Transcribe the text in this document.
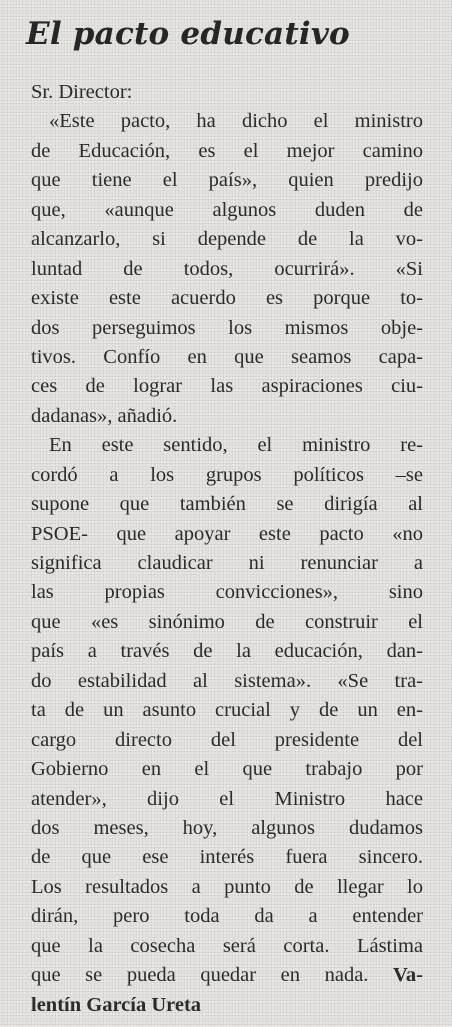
El pacto educativo
Sr. Director:
«Este pacto, ha dicho el ministro
de Educación, es el mejor camino
que tiene el país», quien predijo
que, «aunque algunos duden de
alcanzarlo, si depende de la vo-
luntad de todos, ocurrirá». «Si
existe este acuerdo es porque to-
dos perseguimos los mismos obje-
tivos. Confío en que seamos capa-
ces de lograr las aspiraciones ciu-
dadanas», añadió.
En este sentido, el ministro re-
cordó a los grupos políticos –se
supone que también se dirigía al
PSOE- que apoyar este pacto «no
significa claudicar ni renunciar a
las propias convicciones», sino
que «es sinónimo de construir el
país a través de la educación, dan-
do estabilidad al sistema». «Se tra-
ta de un asunto crucial y de un en-
cargo directo del presidente del
Gobierno en el que trabajo por
atender», dijo el Ministro hace
dos meses, hoy, algunos dudamos
de que ese interés fuera sincero.
Los resultados a punto de llegar lo
dirán, pero toda da a entender
que la cosecha será corta. Lástima
que se pueda quedar en nada. Va-
lentín García Ureta
